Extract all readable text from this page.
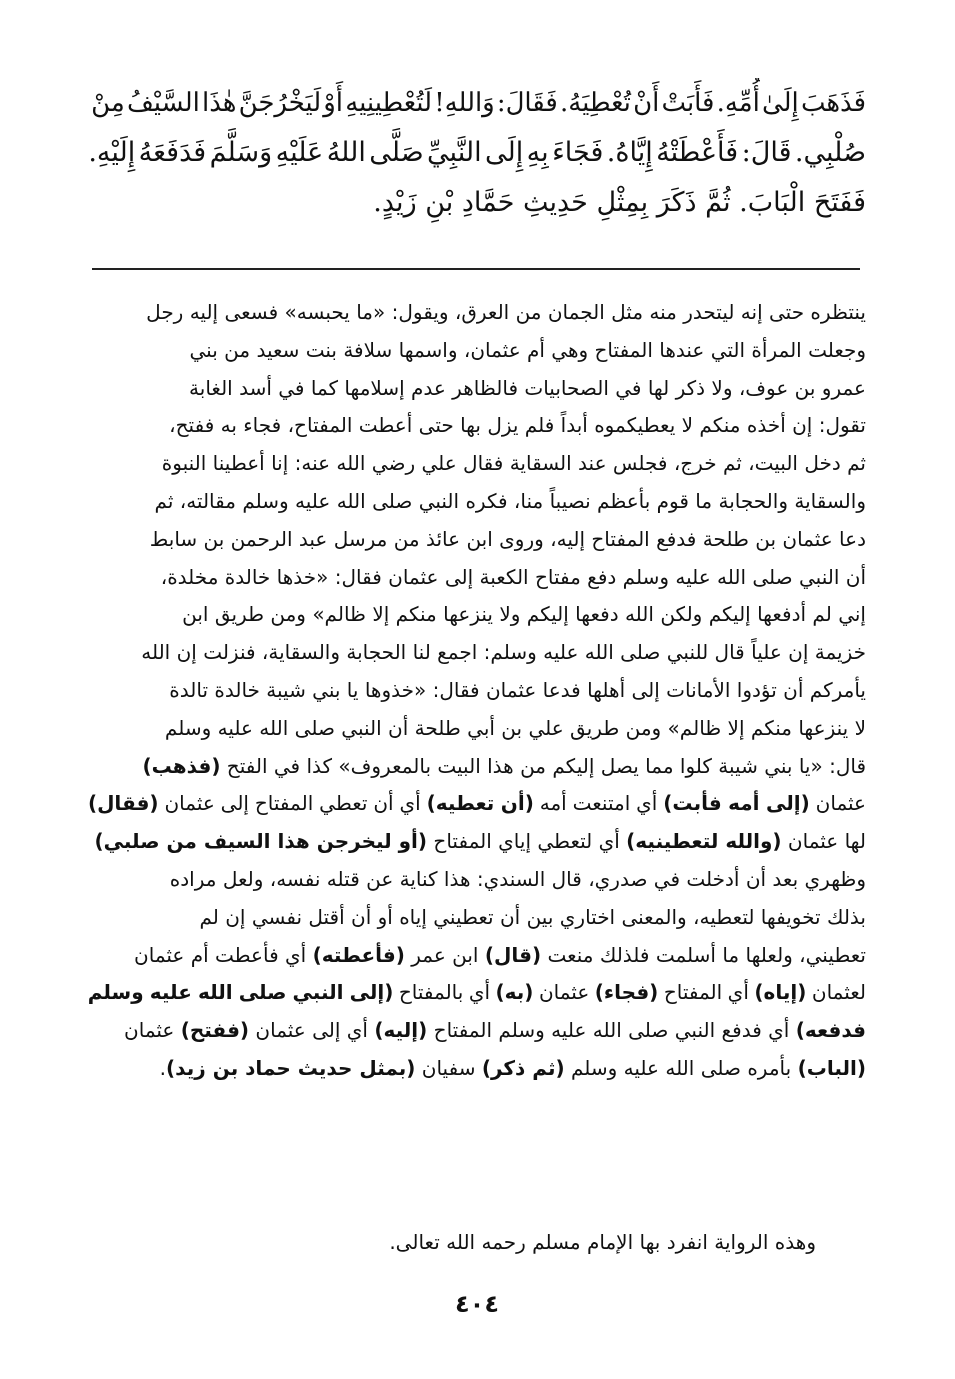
فَذَهَبَ إِلَىٰ أُمِّهِ. فَأَبَتْ أَنْ تُعْطِيَهُ. فَقَالَ: وَاللهِ! لَتُعْطِينِيهِ أَوْ لَيَخْرُجَنَّ هٰذَا السَّيْفُ مِنْ
صُلْبِي. قَالَ: فَأَعْطَتْهُ إِيَّاهُ. فَجَاءَ بِهِ إِلَى النَّبِيِّ صَلَّى اللهُ عَلَيْهِ وَسَلَّمَ فَدَفَعَهُ إِلَيْهِ.
فَفَتَحَ الْبَابَ. ثُمَّ ذَكَرَ بِمِثْلِ حَدِيثِ حَمَّادِ بْنِ زَيْدٍ.
ينتظره حتى إنه ليتحدر منه مثل الجمان من العرق، ويقول: «ما يحبسه» فسعى إليه رجل
وجعلت المرأة التي عندها المفتاح وهي أم عثمان، واسمها سلافة بنت سعيد من بني
عمرو بن عوف، ولا ذكر لها في الصحابيات فالظاهر عدم إسلامها كما في أسد الغابة
تقول: إن أخذه منكم لا يعطيكموه أبداً فلم يزل بها حتى أعطت المفتاح، فجاء به ففتح،
ثم دخل البيت، ثم خرج، فجلس عند السقاية فقال علي رضي الله عنه: إنا أعطينا النبوة
والسقاية والحجابة ما قوم بأعظم نصيباً منا، فكره النبي صلى الله عليه وسلم مقالته، ثم
دعا عثمان بن طلحة فدفع المفتاح إليه، وروى ابن عائذ من مرسل عبد الرحمن بن سابط
أن النبي صلى الله عليه وسلم دفع مفتاح الكعبة إلى عثمان فقال: «خذها خالدة مخلدة،
إني لم أدفعها إليكم ولكن الله دفعها إليكم ولا ينزعها منكم إلا ظالم» ومن طريق ابن
خزيمة إن علياً قال للنبي صلى الله عليه وسلم: اجمع لنا الحجابة والسقاية، فنزلت إن الله
يأمركم أن تؤدوا الأمانات إلى أهلها فدعا عثمان فقال: «خذوها يا بني شيبة خالدة تالدة
لا ينزعها منكم إلا ظالم» ومن طريق علي بن أبي طلحة أن النبي صلى الله عليه وسلم
قال: «يا بني شيبة كلوا مما يصل إليكم من هذا البيت بالمعروف» كذا في الفتح (فذهب)
عثمان (إلى أمه فأبت) أي امتنعت أمه (أن تعطيه) أي أن تعطي المفتاح إلى عثمان (فقال)
لها عثمان (والله لتعطينيه) أي لتعطي إياي المفتاح (أو ليخرجن هذا السيف من صلبي)
وظهري بعد أن أدخلت في صدري، قال السندي: هذا كناية عن قتله نفسه، ولعل مراده
بذلك تخويفها لتعطيه، والمعنى اختاري بين أن تعطيني إياه أو أن أقتل نفسي إن لم
تعطيني، ولعلها ما أسلمت فلذلك منعت (قال) ابن عمر (فأعطته) أي فأعطت أم عثمان
لعثمان (إياه) أي المفتاح (فجاء) عثمان (به) أي بالمفتاح (إلى النبي صلى الله عليه وسلم
فدفعه) أي فدفع النبي صلى الله عليه وسلم المفتاح (إليه) أي إلى عثمان (ففتح) عثمان
(الباب) بأمره صلى الله عليه وسلم (ثم ذكر) سفيان (بمثل حديث حماد بن زيد).
وهذه الرواية انفرد بها الإمام مسلم رحمه الله تعالى.
٤٠٤
